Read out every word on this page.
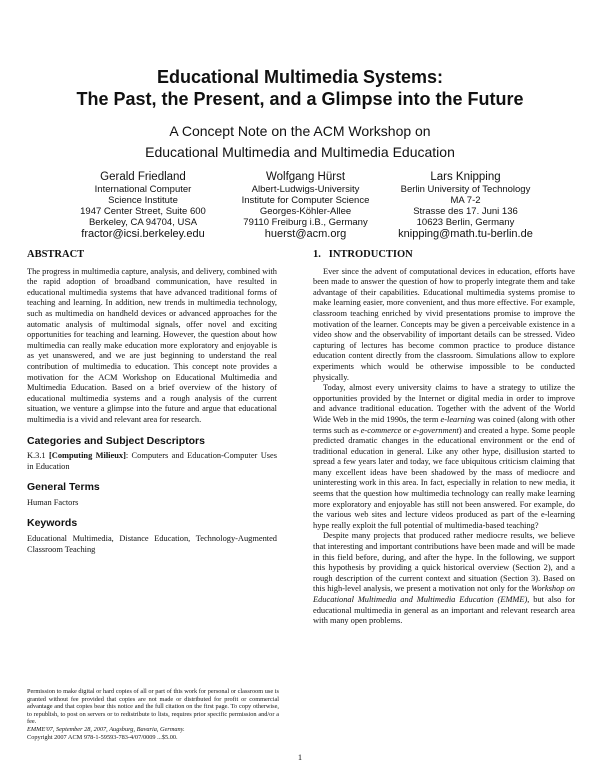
Educational Multimedia Systems:
The Past, the Present, and a Glimpse into the Future
A Concept Note on the ACM Workshop on
Educational Multimedia and Multimedia Education
Gerald Friedland
International Computer
Science Institute
1947 Center Street, Suite 600
Berkeley, CA 94704, USA
fractor@icsi.berkeley.edu
Wolfgang Hürst
Albert-Ludwigs-University
Institute for Computer Science
Georges-Köhler-Allee
79110 Freiburg i.B., Germany
huerst@acm.org
Lars Knipping
Berlin University of Technology
MA 7-2
Strasse des 17. Juni 136
10623 Berlin, Germany
knipping@math.tu-berlin.de
ABSTRACT

The progress in multimedia capture, analysis, and delivery, combined with the rapid adoption of broadband communication, have resulted in educational multimedia systems that have advanced traditional forms of teaching and learning. In addition, new trends in multimedia technology, such as multimedia on handheld devices or advanced approaches for the automatic analysis of multimodal signals, offer novel and exciting opportunities for teaching and learning. However, the question about how multimedia can really make education more exploratory and enjoyable is as yet unanswered, and we are just beginning to understand the real contribution of multimedia to education. This concept note provides a motivation for the ACM Workshop on Educational Multimedia and Multimedia Education. Based on a brief overview of the history of educational multimedia systems and a rough analysis of the current situation, we venture a glimpse into the future and argue that educational multimedia is a vivid and relevant area for research.

Categories and Subject Descriptors

K.3.1 [Computing Milieux]: Computers and Education-Computer Uses in Education

General Terms

Human Factors

Keywords

Educational Multimedia, Distance Education, Technology-Augmented Classroom Teaching

Permission to make digital or hard copies of all or part of this work for personal or classroom use is granted without fee provided that copies are not made or distributed for profit or commercial advantage and that copies bear this notice and the full citation on the first page. To copy otherwise, to republish, to post on servers or to redistribute to lists, requires prior specific permission and/or a fee.

EMME'07, September 28, 2007, Augsburg, Bavaria, Germany.

Copyright 2007 ACM 978-1-59593-783-4/07/0009 ...$5.00.

1.   INTRODUCTION

Ever since the advent of computational devices in education, efforts have been made to answer the question of how to properly integrate them and take advantage of their capabilities. Educational multimedia systems promise to make learning easier, more convenient, and thus more effective. For example, classroom teaching enriched by vivid presentations promise to improve the motivation of the learner. Concepts may be given a perceivable existence in a video show and the observability of important details can be stressed. Video capturing of lectures has become common practice to produce distance education content directly from the classroom. Simulations allow to explore experiments which would be otherwise impossible to be conducted physically.

Today, almost every university claims to have a strategy to utilize the opportunities provided by the Internet or digital media in order to improve and advance traditional education. Together with the advent of the World Wide Web in the mid 1990s, the term e-learning was coined (along with other terms such as e-commerce or e-government) and created a hype. Some people predicted dramatic changes in the educational environment or the end of traditional education in general. Like any other hype, disillusion started to spread a few years later and today, we face ubiquitous criticism claiming that many excellent ideas have been shadowed by the mass of mediocre and uninteresting work in this area. In fact, especially in relation to new media, it seems that the question how multimedia technology can really make learning more exploratory and enjoyable has still not been answered. For example, do the various web sites and lecture videos produced as part of the e-learning hype really exploit the full potential of multimedia-based teaching?

Despite many projects that produced rather mediocre results, we believe that interesting and important contributions have been made and will be made in this field before, during, and after the hype. In the following, we support this hypothesis by providing a quick historical overview (Section 2), and a rough description of the current context and situation (Section 3). Based on this high-level analysis, we present a motivation not only for the Workshop on Educational Multimedia and Multimedia Education (EMME), but also for educational multimedia in general as an important and relevant research area with many open problems.

1
